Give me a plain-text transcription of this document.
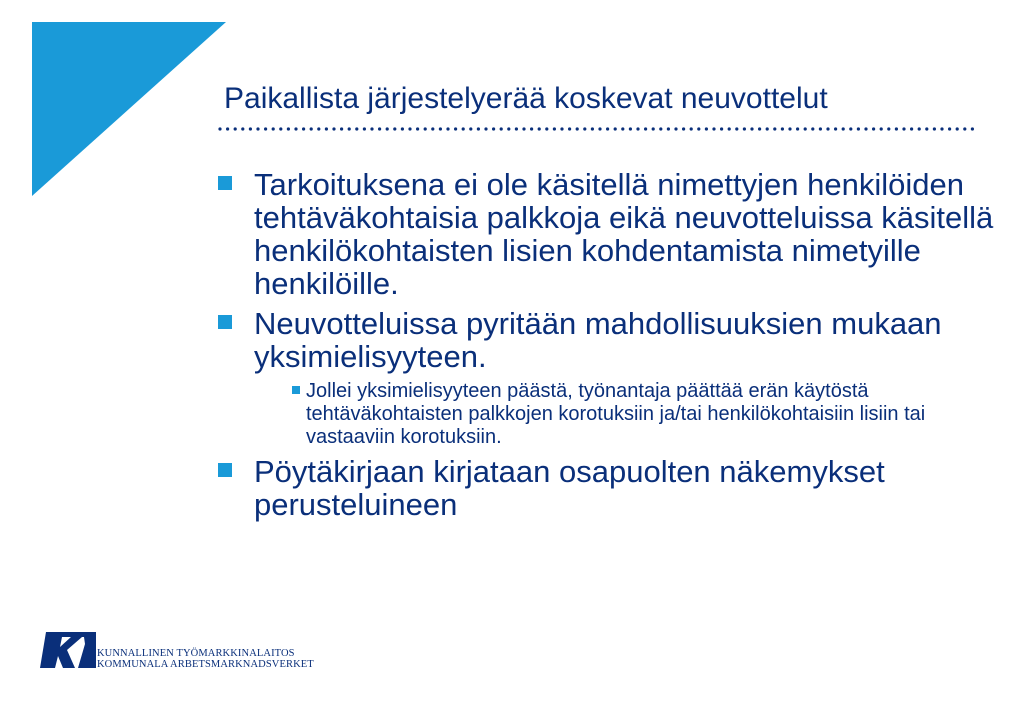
Paikallista järjestelyerää koskevat neuvottelut
Tarkoituksena ei ole käsitellä nimettyjen henkilöiden tehtäväkohtaisia palkkoja eikä neuvotteluissa käsitellä henkilökohtaisten lisien kohdentamista nimetyille henkilöille.
Neuvotteluissa pyritään mahdollisuuksien mukaan yksimielisyyteen.
Jollei yksimielisyyteen päästä, työnantaja päättää erän käytöstä tehtäväkohtaisten palkkojen korotuksiin ja/tai henkilökohtaisiin lisiin tai vastaaviin korotuksiin.
Pöytäkirjaan kirjataan osapuolten näkemykset perusteluineen
KUNNALLINEN TYÖMARKKINALAITOS
KOMMUNALA ARBETSMARKNADSVERKET
